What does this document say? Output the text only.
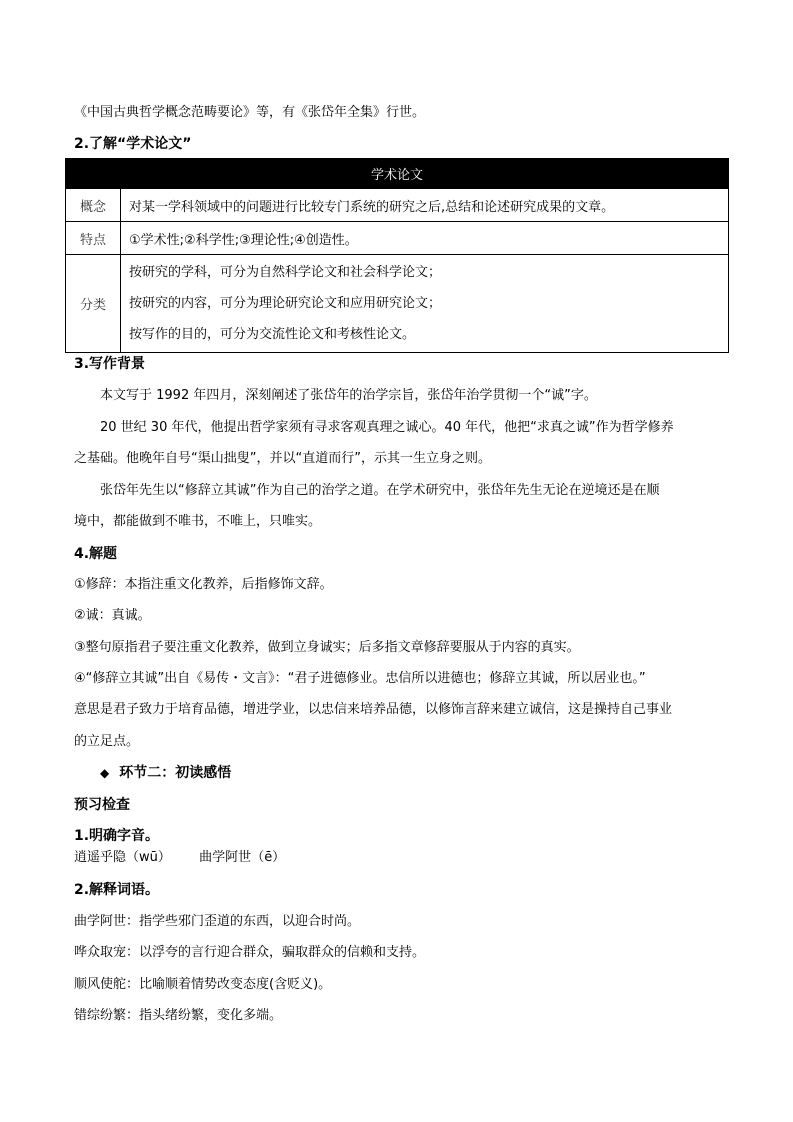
《中国古典哲学概念范畴要论》等，有《张岱年全集》行世。
2.了解“学术论文”
学术论文	
概念	对某一学科领域中的问题进行比较专门系统的研究之后,总结和论述研究成果的文章。
特点	①学术性;②科学性;③理论性;④创造性。
分类	按研究的学科，可分为自然科学论文和社会科学论文；
按研究的内容，可分为理论研究论文和应用研究论文；
按写作的目的，可分为交流性论文和考核性论文。
3.写作背景
本文写于 1992 年四月，深刻阐述了张岱年的治学宗旨，张岱年治学贯彻一个“诚”字。
20 世纪 30 年代，他提出哲学家须有寻求客观真理之诚心。40 年代，他把“求真之诚”作为哲学修养
之基础。他晚年自号“渠山拙叟”，并以“直道而行”，示其一生立身之则。
张岱年先生以“修辞立其诚”作为自己的治学之道。在学术研究中，张岱年先生无论在逆境还是在顺
境中，都能做到不唯书，不唯上，只唯实。
4.解题
①修辞：本指注重文化教养，后指修饰文辞。
②诚：真诚。
③整句原指君子要注重文化教养，做到立身诚实；后多指文章修辞要服从于内容的真实。
④“修辞立其诚”出自《易传・文言》：“君子进德修业。忠信所以进德也；修辞立其诚，所以居业也。”
意思是君子致力于培育品德，增进学业，以忠信来培养品德，以修饰言辞来建立诚信，这是操持自己事业
的立足点。
◆ 环节二：初读感悟
预习检查
1.明确字音。
逍遥乎隐（wū） 曲学阿世（ē）
2.解释词语。
曲学阿世：指学些邪门歪道的东西，以迎合时尚。
哗众取宠：以浮夸的言行迎合群众，骗取群众的信赖和支持。
顺风使舵：比喻顺着情势改变态度(含贬义)。
错综纷繁：指头绪纷繁，变化多端。
